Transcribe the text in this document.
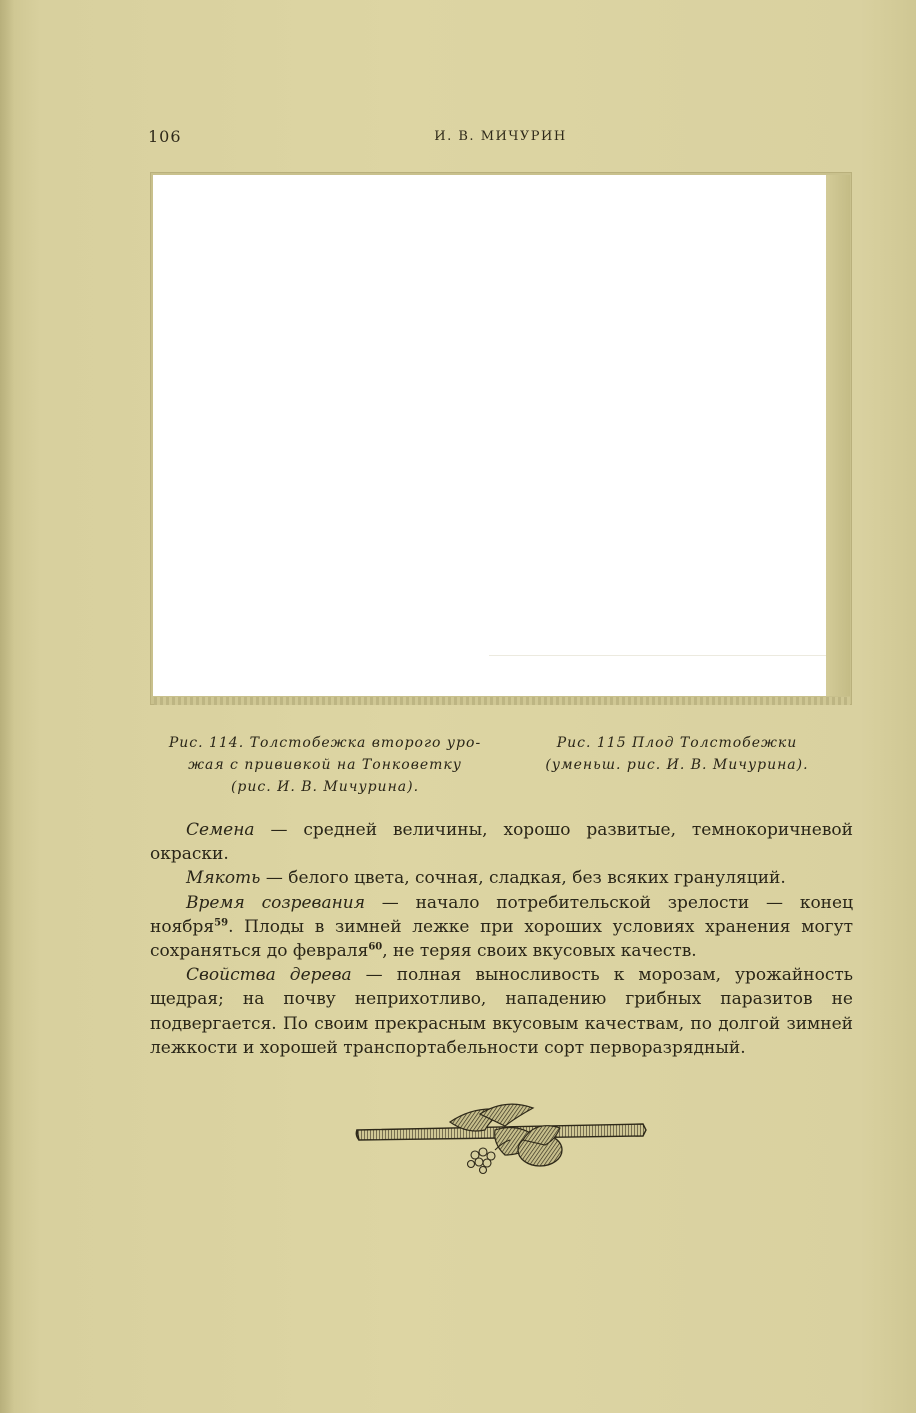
106	И. В. МИЧУРИН
Рис. 114. Толстобежка второго уро-
жая с прививкой на Тонковетку
(рис. И. В. Мичурина).
Рис. 115 Плод Толстобежки
(уменьш. рис. И. В. Мичурина).

Семена — средней величины, хорошо развитые, темнокоричневой окраски.

Мякоть — белого цвета, сочная, сладкая, без всяких грануляций.

Время созревания — начало потребительской зрелости — конец ноября$^{59}$. Плоды в зимней лежке при хороших условиях хранения могут сохраняться до февраля$^{60}$, не теряя своих вкусовых качеств.

Свойства дерева — полная выносливость к морозам, урожайность щедрая; на почву неприхотливо, нападению грибных паразитов не подвергается. По своим прекрасным вкусовым качествам, по долгой зимней лежкости и хорошей транспортабельности сорт перворазрядный.
